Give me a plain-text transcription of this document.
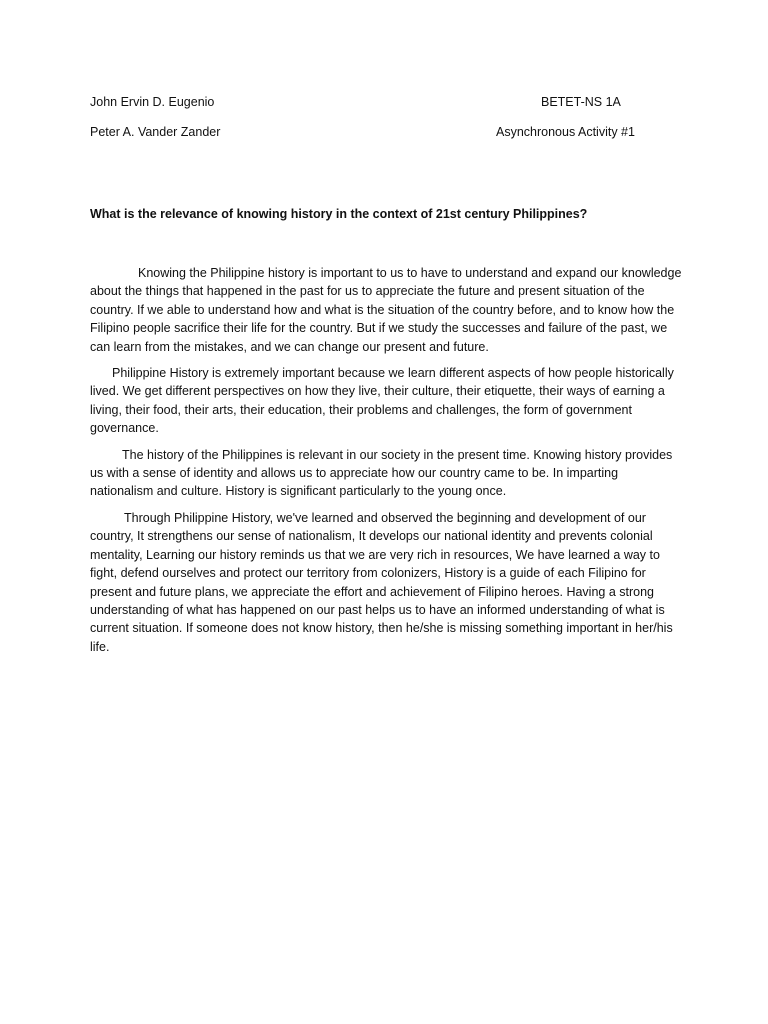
John Ervin D. Eugenio	BETET-NS 1A
Peter A. Vander Zander	Asynchronous Activity #1
What is the relevance of knowing history in the context of 21st century Philippines?

Knowing the Philippine history is important to us to have to understand and expand our knowledge about the things that happened in the past for us to appreciate the future and present situation of the country. If we able to understand how and what is the situation of the country before, and to know how the Filipino people sacrifice their life for the country. But if we study the successes and failure of the past, we can learn from the mistakes, and we can change our present and future.

Philippine History is extremely important because we learn different aspects of how people historically lived. We get different perspectives on how they live, their culture, their etiquette, their ways of earning a living, their food, their arts, their education, their problems and challenges, the form of government governance.

The history of the Philippines is relevant in our society in the present time. Knowing history provides us with a sense of identity and allows us to appreciate how our country came to be. In imparting nationalism and culture. History is significant particularly to the young once.

Through Philippine History, we've learned and observed the beginning and development of our country, It strengthens our sense of nationalism, It develops our national identity and prevents colonial mentality, Learning our history reminds us that we are very rich in resources, We have learned a way to fight, defend ourselves and protect our territory from colonizers, History is a guide of each Filipino for present and future plans, we appreciate the effort and achievement of Filipino heroes. Having a strong understanding of what has happened on our past helps us to have an informed understanding of what is current situation. If someone does not know history, then he/she is missing something important in her/his life.
